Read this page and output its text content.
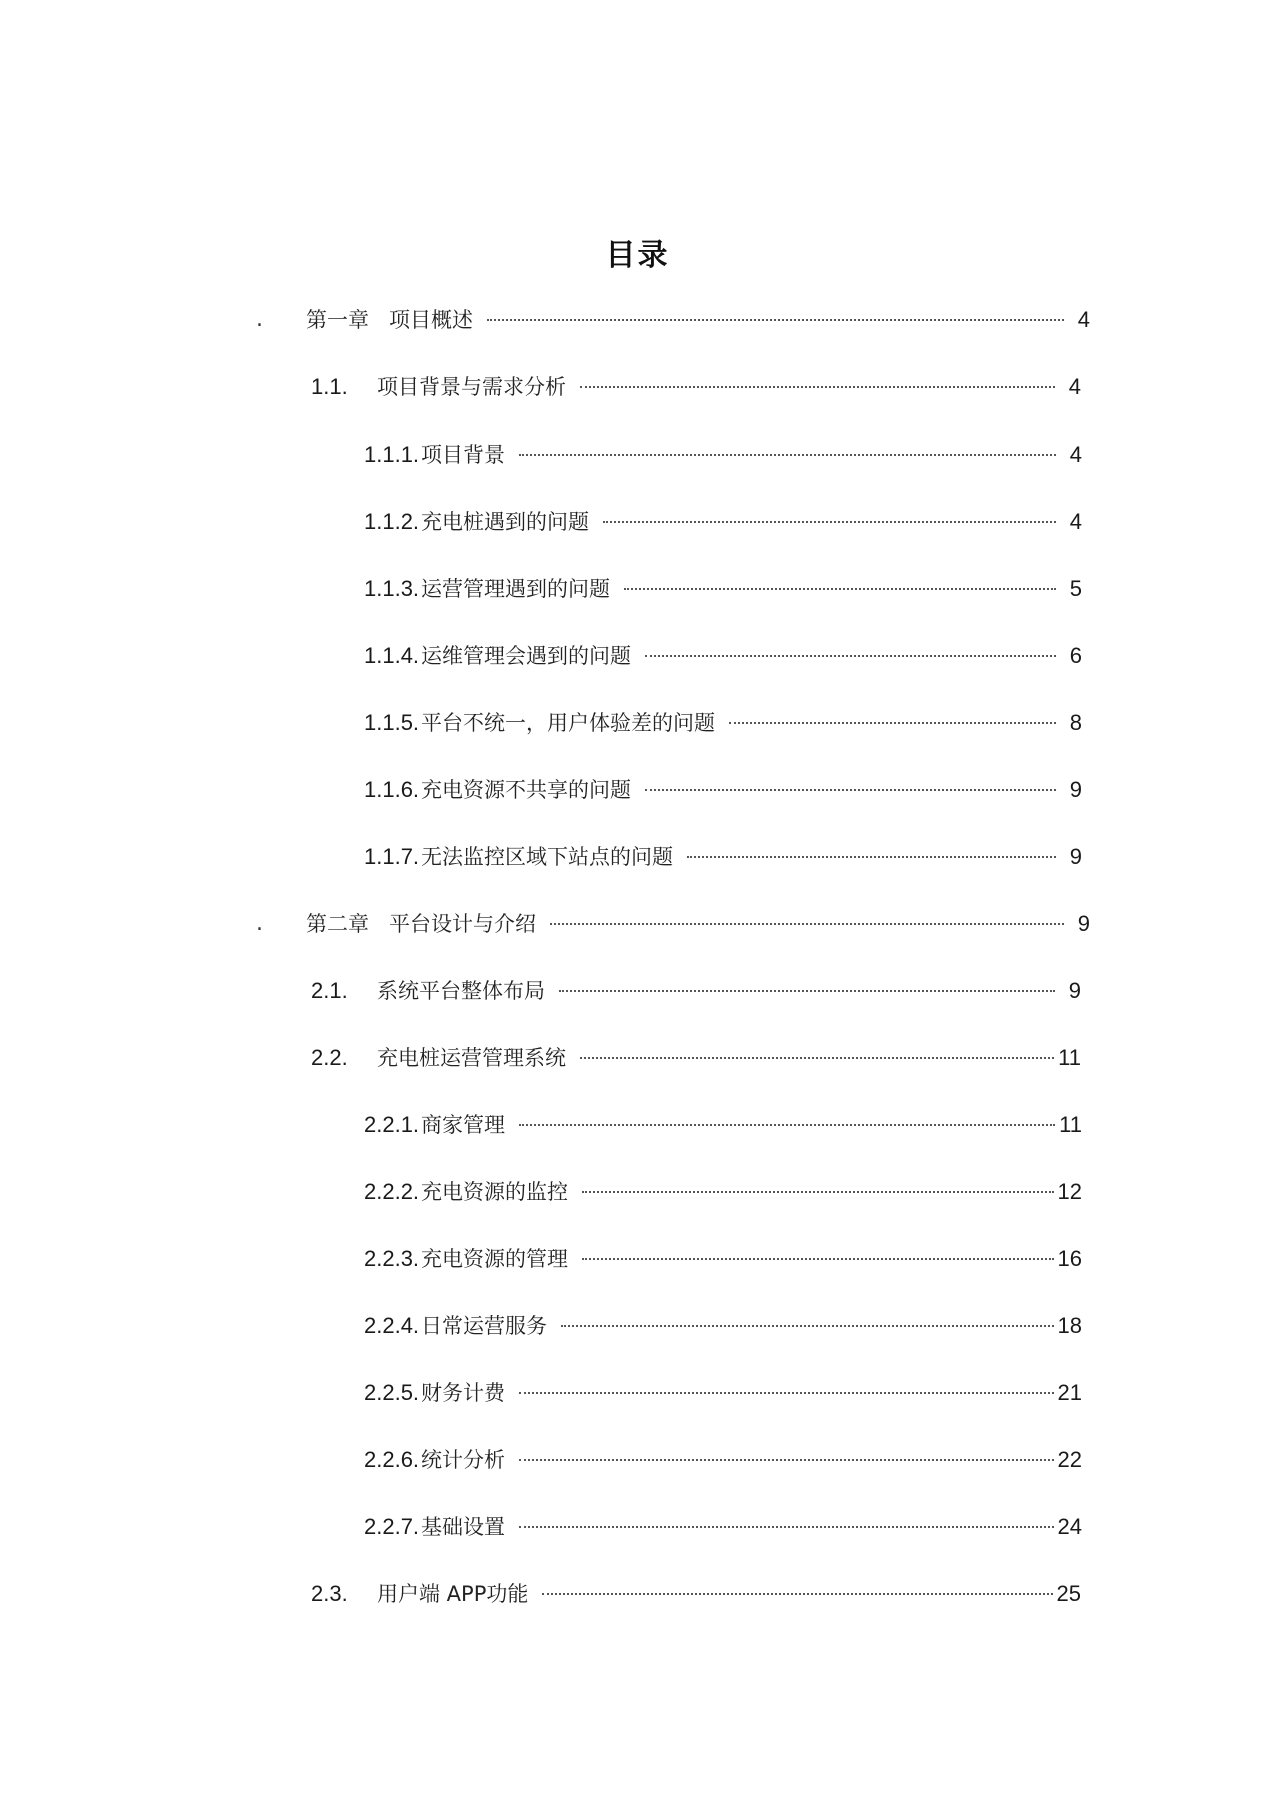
目录
. 第一章 项目概述	4
1.1.	项目背景与需求分析	4
1.1.1. 项目背景	4
1.1.2. 充电桩遇到的问题	4
1.1.3. 运营管理遇到的问题	5
1.1.4. 运维管理会遇到的问题	6
1.1.5. 平台不统一，用户体验差的问题	8
1.1.6. 充电资源不共享的问题	9
1.1.7. 无法监控区域下站点的问题	9
. 第二章 平台设计与介绍	9
2.1.	系统平台整体布局	9
2.2.	充电桩运营管理系统	11
2.2.1. 商家管理	11
2.2.2. 充电资源的监控	12
2.2.3. 充电资源的管理	16
2.2.4. 日常运营服务	18
2.2.5. 财务计费	21
2.2.6. 统计分析	22
2.2.7. 基础设置	24
2.3.	用户端 APP功能	25
